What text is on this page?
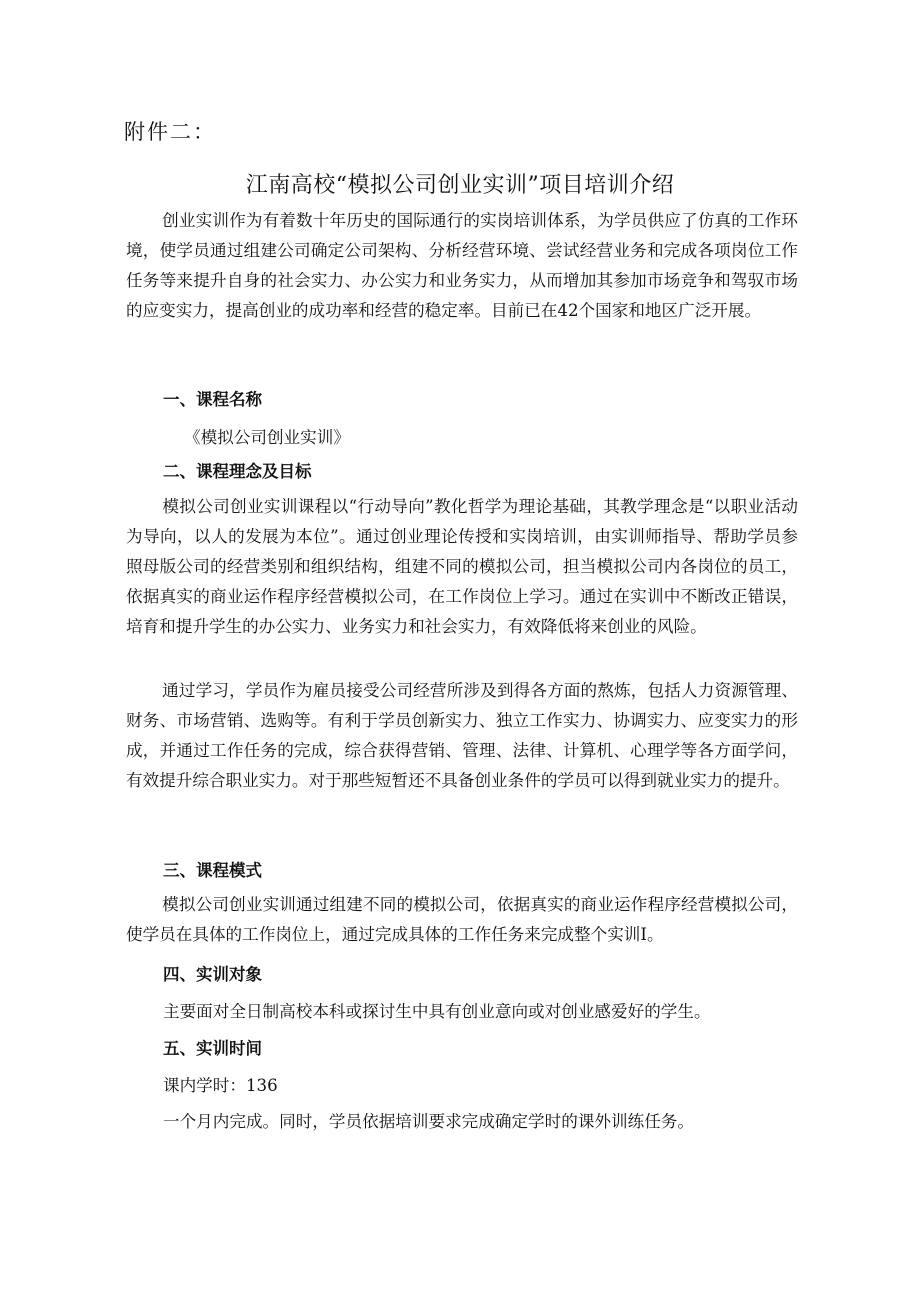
附件二：
江南高校“模拟公司创业实训”项目培训介绍

创业实训作为有着数十年历史的国际通行的实岗培训体系，为学员供应了仿真的工作环境，使学员通过组建公司确定公司架构、分析经营环境、尝试经营业务和完成各项岗位工作任务等来提升自身的社会实力、办公实力和业务实力，从而增加其参加市场竞争和驾驭市场的应变实力，提高创业的成功率和经营的稳定率。目前已在42个国家和地区广泛开展。

一、课程名称
《模拟公司创业实训》
二、课程理念及目标

模拟公司创业实训课程以“行动导向”教化哲学为理论基础，其教学理念是“以职业活动为导向，以人的发展为本位”。通过创业理论传授和实岗培训，由实训师指导、帮助学员参照母版公司的经营类别和组织结构，组建不同的模拟公司，担当模拟公司内各岗位的员工，依据真实的商业运作程序经营模拟公司，在工作岗位上学习。通过在实训中不断改正错误，培育和提升学生的办公实力、业务实力和社会实力，有效降低将来创业的风险。

通过学习，学员作为雇员接受公司经营所涉及到得各方面的熬炼，包括人力资源管理、财务、市场营销、选购等。有利于学员创新实力、独立工作实力、协调实力、应变实力的形成，并通过工作任务的完成，综合获得营销、管理、法律、计算机、心理学等各方面学问，有效提升综合职业实力。对于那些短暂还不具备创业条件的学员可以得到就业实力的提升。

三、课程模式

模拟公司创业实训通过组建不同的模拟公司，依据真实的商业运作程序经营模拟公司，使学员在具体的工作岗位上，通过完成具体的工作任务来完成整个实训I。

四、实训对象
主要面对全日制高校本科或探讨生中具有创业意向或对创业感爱好的学生。
五、实训时间
课内学时：136
一个月内完成。同时，学员依据培训要求完成确定学时的课外训练任务。
